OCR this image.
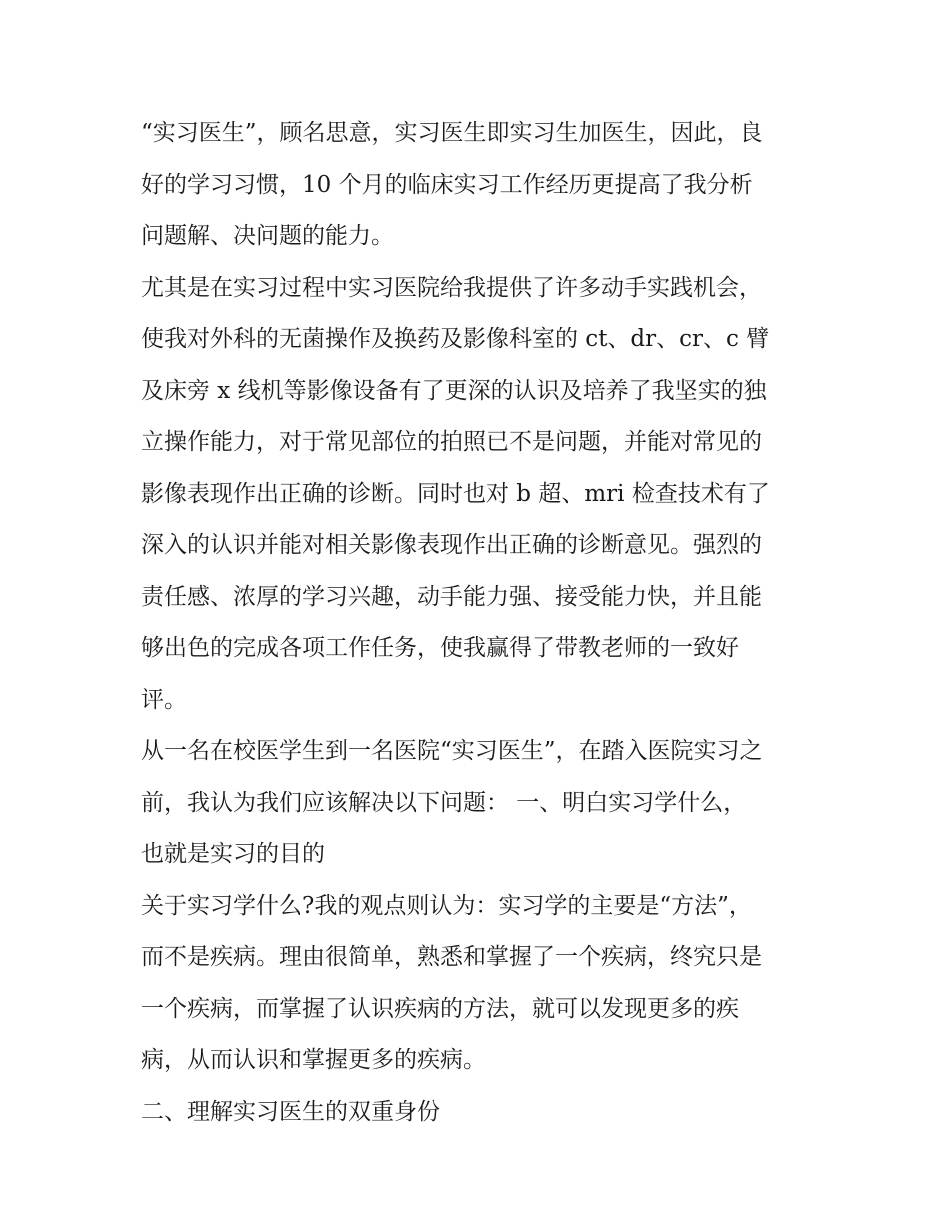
“实习医生”，顾名思意，实习医生即实习生加医生，因此，良
好的学习习惯，10 个月的临床实习工作经历更提高了我分析
问题解、决问题的能力。
尤其是在实习过程中实习医院给我提供了许多动手实践机会，
使我对外科的无菌操作及换药及影像科室的 ct、dr、cr、c 臂
及床旁 x 线机等影像设备有了更深的认识及培养了我坚实的独
立操作能力，对于常见部位的拍照已不是问题，并能对常见的
影像表现作出正确的诊断。同时也对 b 超、mri 检查技术有了
深入的认识并能对相关影像表现作出正确的诊断意见。强烈的
责任感、浓厚的学习兴趣，动手能力强、接受能力快，并且能
够出色的完成各项工作任务，使我赢得了带教老师的一致好
评。
从一名在校医学生到一名医院“实习医生”，在踏入医院实习之
前，我认为我们应该解决以下问题： 一、明白实习学什么，
也就是实习的目的
关于实习学什么?我的观点则认为：实习学的主要是“方法”，
而不是疾病。理由很简单，熟悉和掌握了一个疾病，终究只是
一个疾病，而掌握了认识疾病的方法，就可以发现更多的疾
病，从而认识和掌握更多的疾病。
二、理解实习医生的双重身份
